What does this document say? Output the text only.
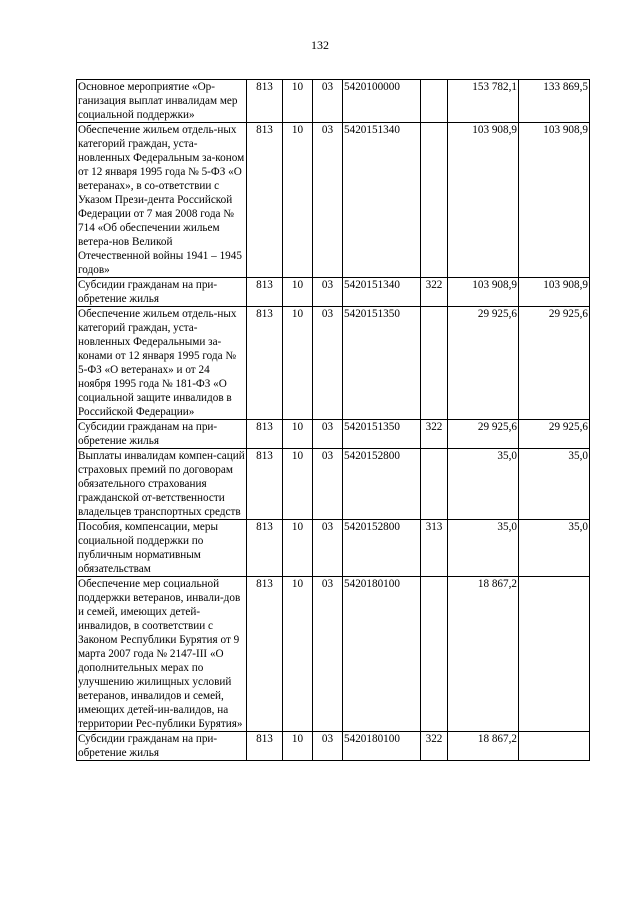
132
Основное мероприятие «Ор-ганизация выплат инвалидам мер социальной поддержки»	813	10	03	5420100000		153 782,1	133 869,5
Обеспечение жильем отдель-ных категорий граждан, уста-новленных Федеральным за-коном от 12 января 1995 года № 5-ФЗ «О ветеранах», в со-ответствии с Указом Прези-дента Российской Федерации от 7 мая 2008 года № 714 «Об обеспечении жильем ветера-нов Великой Отечественной войны 1941 – 1945 годов»	813	10	03	5420151340		103 908,9	103 908,9
Субсидии гражданам на при-обретение жилья	813	10	03	5420151340	322	103 908,9	103 908,9
Обеспечение жильем отдель-ных категорий граждан, уста-новленных Федеральными за-конами от 12 января 1995 года № 5-ФЗ «О ветеранах» и от 24 ноября 1995 года № 181-ФЗ «О социальной защите инвалидов в Российской Федерации»	813	10	03	5420151350		29 925,6	29 925,6
Субсидии гражданам на при-обретение жилья	813	10	03	5420151350	322	29 925,6	29 925,6
Выплаты инвалидам компен-саций страховых премий по договорам обязательного страхования гражданской от-ветственности владельцев транспортных средств	813	10	03	5420152800		35,0	35,0
Пособия, компенсации, меры социальной поддержки по публичным нормативным обязательствам	813	10	03	5420152800	313	35,0	35,0
Обеспечение мер социальной поддержки ветеранов, инвали-дов и семей, имеющих детей-инвалидов, в соответствии с Законом Республики Бурятия от 9 марта 2007 года № 2147-III «О дополнительных мерах по улучшению жилищных условий ветеранов, инвалидов и семей, имеющих детей-ин-валидов, на территории Рес-публики Бурятия»	813	10	03	5420180100		18 867,2	
Субсидии гражданам на при-обретение жилья	813	10	03	5420180100	322	18 867,2	
